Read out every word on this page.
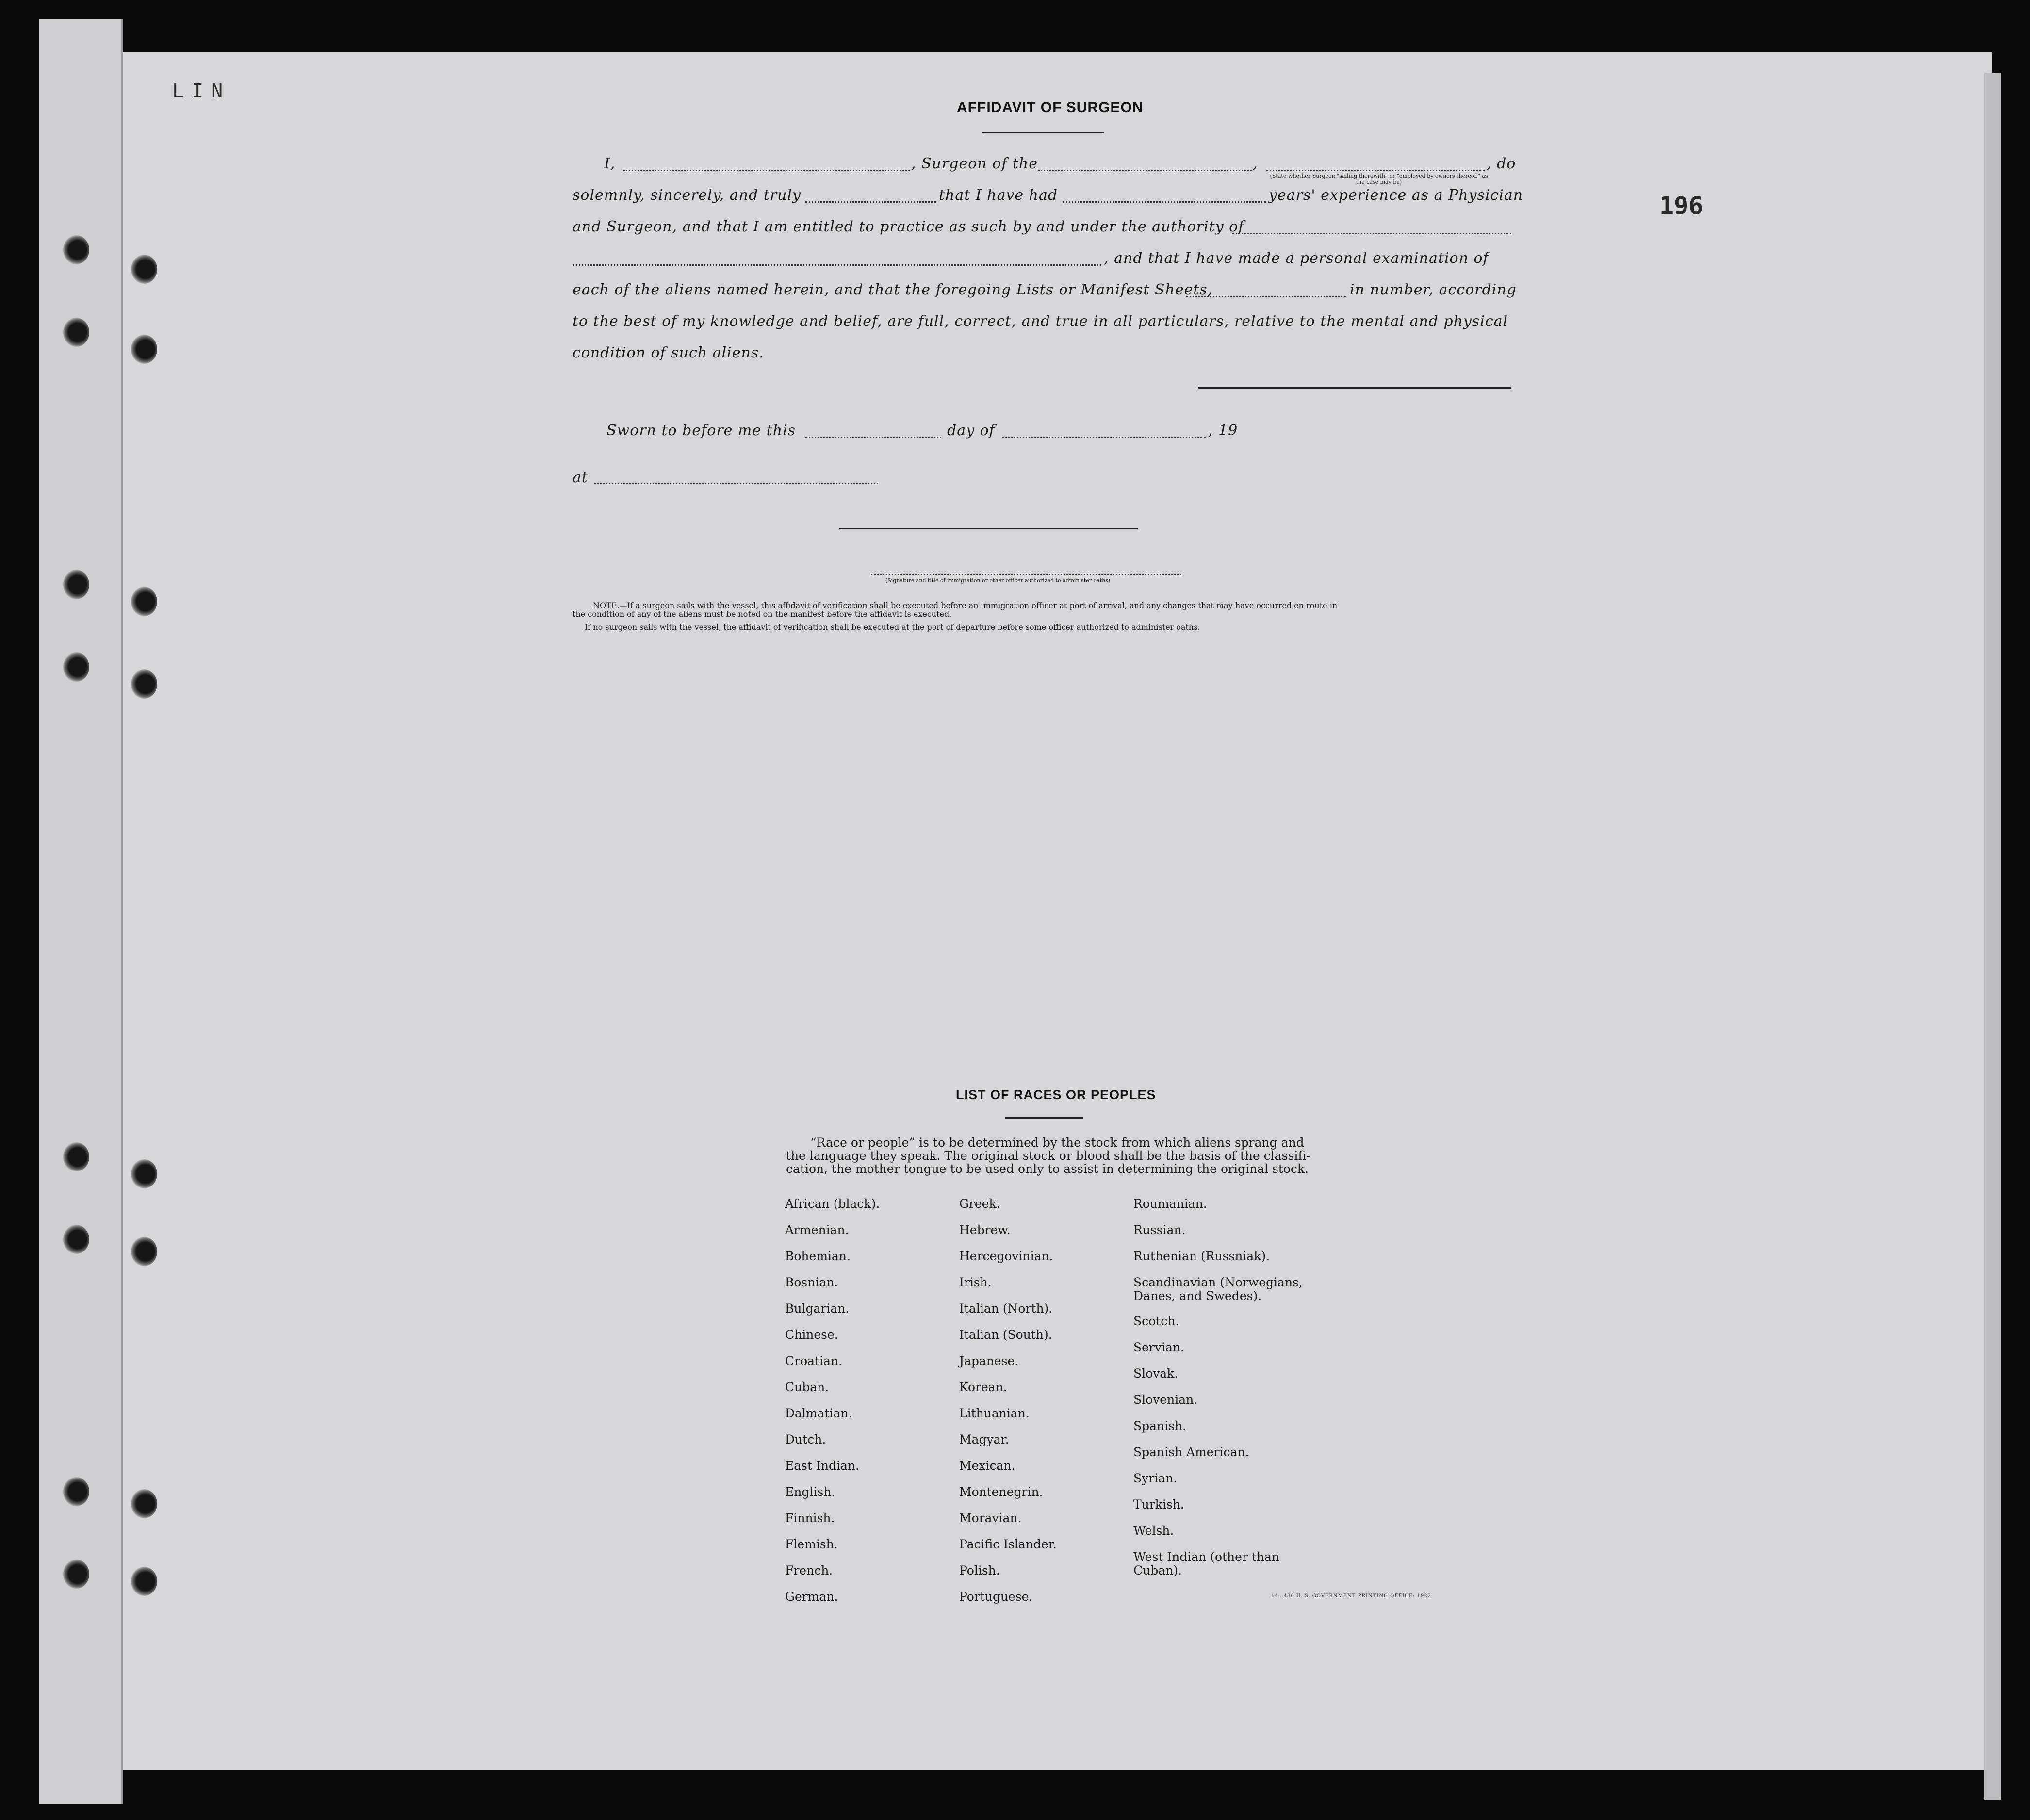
LIN
196
AFFIDAVIT OF SURGEON
I,	, Surgeon of the	,	, do
(State whether Surgeon "sailing therewith" or "employed by owners thereof," as the case may be)
solemnly, sincerely, and truly	that I have had	years' experience as a Physician
and Surgeon, and that I am entitled to practice as such by and under the authority of
, and that I have made a personal examination of
each of the aliens named herein, and that the foregoing Lists or Manifest Sheets,	in number, according
to the best of my knowledge and belief, are full, correct, and true in all particulars, relative to the mental and physical
condition of such aliens.
Sworn to before me this	day of	, 19
at
(Signature and title of immigration or other officer authorized to administer oaths)
NOTE.—If a surgeon sails with the vessel, this affidavit of verification shall be executed before an immigration officer at port of arrival, and any changes that may have occurred en route in
the condition of any of the aliens must be noted on the manifest before the affidavit is executed.
If no surgeon sails with the vessel, the affidavit of verification shall be executed at the port of departure before some officer authorized to administer oaths.
LIST OF RACES OR PEOPLES
“Race or people” is to be determined by the stock from which aliens sprang and
the language they speak. The original stock or blood shall be the basis of the classifi-
cation, the mother tongue to be used only to assist in determining the original stock.
African (black).
Armenian.
Bohemian.
Bosnian.
Bulgarian.
Chinese.
Croatian.
Cuban.
Dalmatian.
Dutch.
East Indian.
English.
Finnish.
Flemish.
French.
German.
Greek.
Hebrew.
Hercegovinian.
Irish.
Italian (North).
Italian (South).
Japanese.
Korean.
Lithuanian.
Magyar.
Mexican.
Montenegrin.
Moravian.
Pacific Islander.
Polish.
Portuguese.
Roumanian.
Russian.
Ruthenian (Russniak).
Scandinavian (Norwegians,
Danes, and Swedes).
Scotch.
Servian.
Slovak.
Slovenian.
Spanish.
Spanish American.
Syrian.
Turkish.
Welsh.
West Indian (other than
Cuban).
14—430 U. S. GOVERNMENT PRINTING OFFICE: 1922
